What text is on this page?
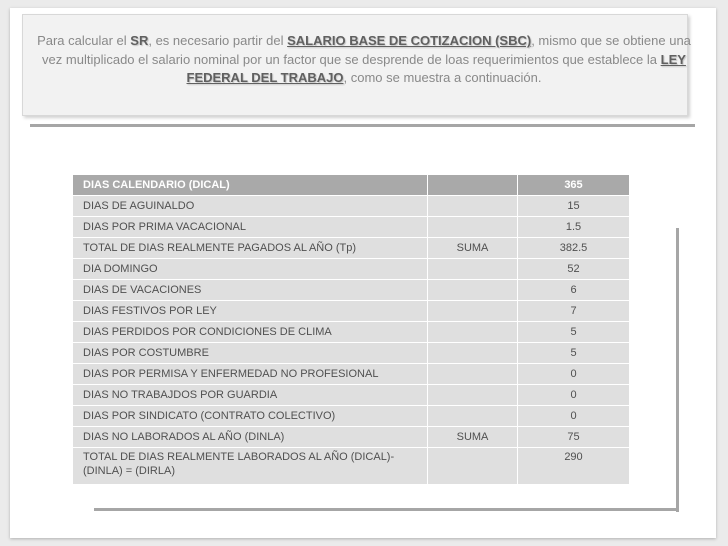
Para calcular el SR, es necesario partir del SALARIO BASE DE COTIZACION (SBC), mismo que se obtiene una vez multiplicado el salario nominal por un factor que se desprende de loas requerimientos que establece la LEY FEDERAL DEL TRABAJO, como se muestra a continuación.

DIAS CALENDARIO (DICAL)		365
DIAS DE AGUINALDO		15
DIAS POR PRIMA VACACIONAL		1.5
TOTAL DE DIAS REALMENTE PAGADOS AL AÑO (Tp)	SUMA	382.5
DIA DOMINGO		52
DIAS DE VACACIONES		6
DIAS FESTIVOS POR LEY		7
DIAS PERDIDOS POR CONDICIONES DE CLIMA		5
DIAS POR COSTUMBRE		5
DIAS POR PERMISA Y ENFERMEDAD NO PROFESIONAL		0
DIAS NO TRABAJDOS POR GUARDIA		0
DIAS POR SINDICATO (CONTRATO COLECTIVO)		0
DIAS NO LABORADOS AL AÑO (DINLA)	SUMA	75
TOTAL DE DIAS REALMENTE LABORADOS AL AÑO (DICAL)-(DINLA) = (DIRLA)		290
